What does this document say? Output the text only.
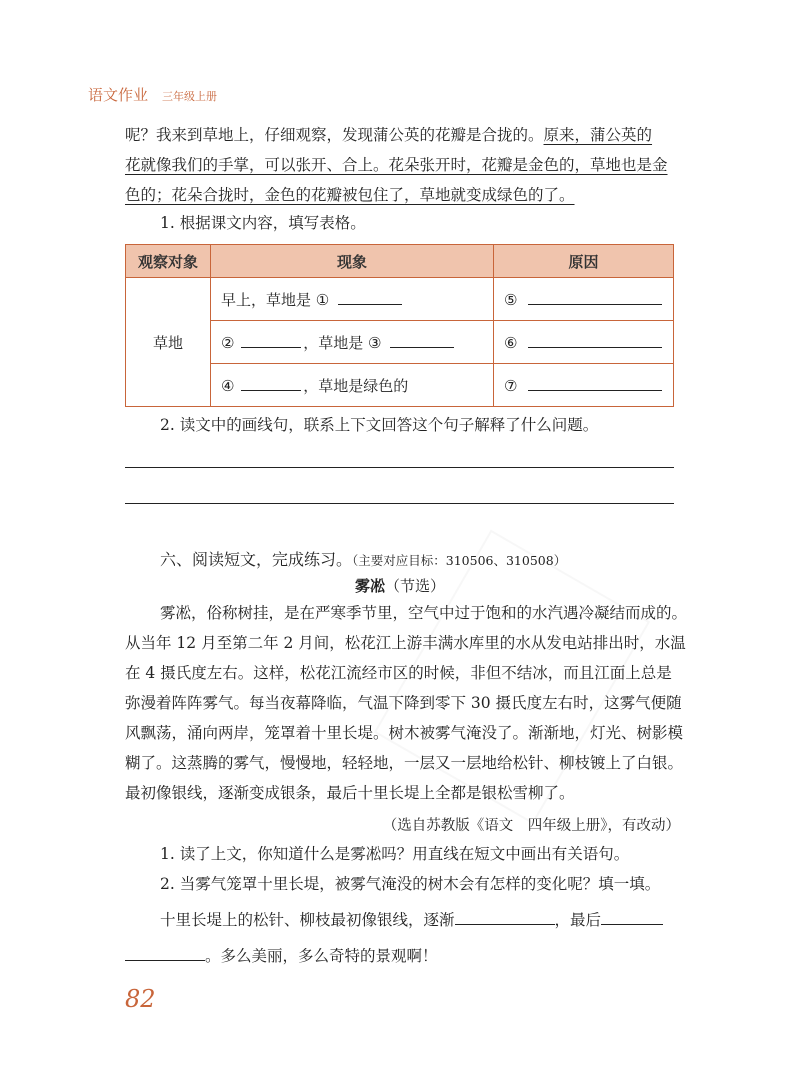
语文作业 三年级上册
呢？我来到草地上，仔细观察，发现蒲公英的花瓣是合拢的。原来，蒲公英的
花就像我们的手掌，可以张开、合上。花朵张开时，花瓣是金色的，草地也是金
色的；花朵合拢时，金色的花瓣被包住了，草地就变成绿色的了。
1. 根据课文内容，填写表格。
观察对象	现象	原因
草地	早上，草地是 ①	⑤
	② ，草地是 ③	⑥
	④ ，草地是绿色的	⑦
2. 读文中的画线句，联系上下文回答这个句子解释了什么问题。
六、阅读短文，完成练习。（主要对应目标：310506、310508）
雾凇（节选）
雾凇，俗称树挂，是在严寒季节里，空气中过于饱和的水汽遇冷凝结而成的。
从当年 12 月至第二年 2 月间，松花江上游丰满水库里的水从发电站排出时，水温
在 4 摄氏度左右。这样，松花江流经市区的时候，非但不结冰，而且江面上总是
弥漫着阵阵雾气。每当夜幕降临，气温下降到零下 30 摄氏度左右时，这雾气便随
风飘荡，涌向两岸，笼罩着十里长堤。树木被雾气淹没了。渐渐地，灯光、树影模
糊了。这蒸腾的雾气，慢慢地，轻轻地，一层又一层地给松针、柳枝镀上了白银。
最初像银线，逐渐变成银条，最后十里长堤上全都是银松雪柳了。
（选自苏教版《语文　四年级上册》，有改动）
1. 读了上文，你知道什么是雾凇吗？用直线在短文中画出有关语句。
2. 当雾气笼罩十里长堤，被雾气淹没的树木会有怎样的变化呢？填一填。
十里长堤上的松针、柳枝最初像银线，逐渐	，最后
。多么美丽，多么奇特的景观啊！
82
